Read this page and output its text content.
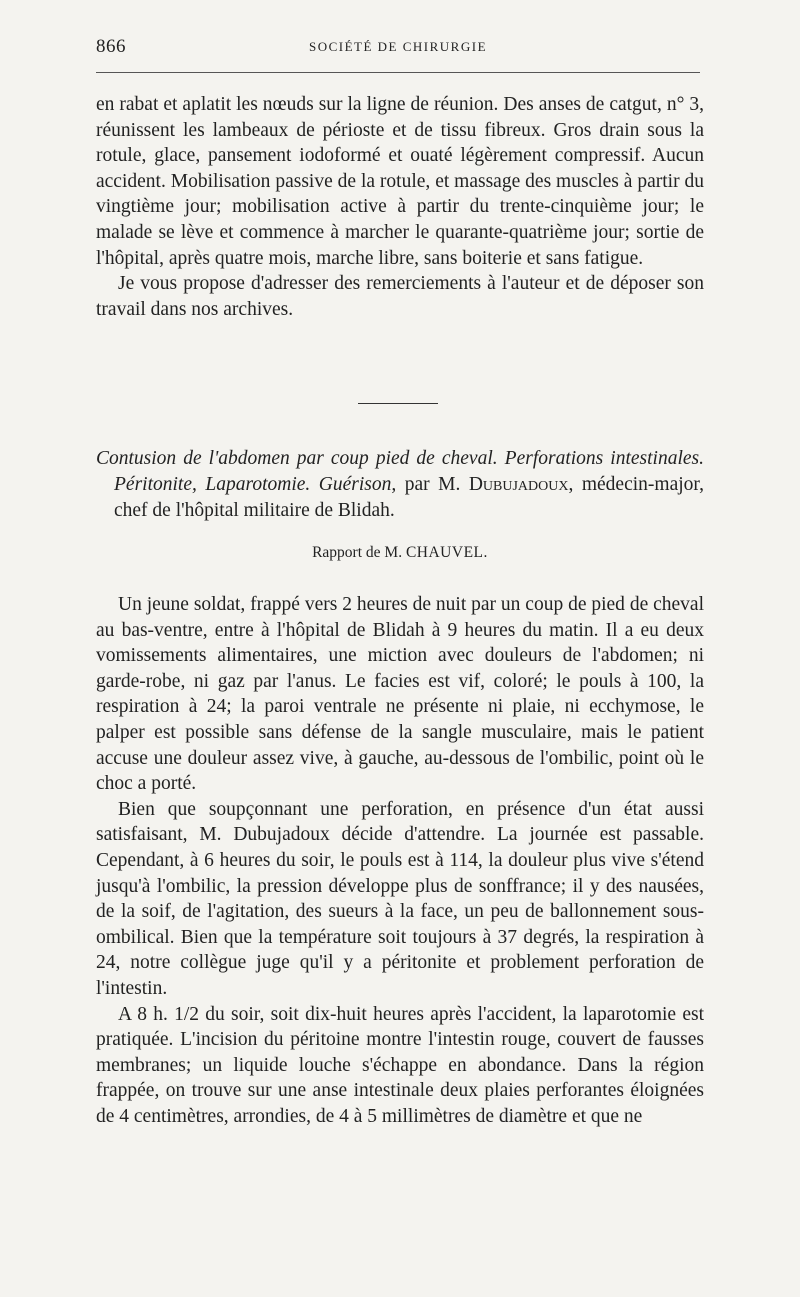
866	SOCIÉTÉ DE CHIRURGIE

en rabat et aplatit les nœuds sur la ligne de réunion. Des anses de catgut, n° 3, réunissent les lambeaux de périoste et de tissu fibreux. Gros drain sous la rotule, glace, pansement iodoformé et ouaté légèrement compressif. Aucun accident. Mobilisation passive de la rotule, et massage des muscles à partir du vingtième jour; mobilisation active à partir du trente-cinquième jour; le malade se lève et commence à marcher le quarante-quatrième jour; sortie de l'hôpital, après quatre mois, marche libre, sans boiterie et sans fatigue.

Je vous propose d'adresser des remerciements à l'auteur et de déposer son travail dans nos archives.

Contusion de l'abdomen par coup pied de cheval. Perforations intestinales. Péritonite, Laparotomie. Guérison, par M. Dubujadoux, médecin-major, chef de l'hôpital militaire de Blidah.

Rapport de M. CHAUVEL.

Un jeune soldat, frappé vers 2 heures de nuit par un coup de pied de cheval au bas-ventre, entre à l'hôpital de Blidah à 9 heures du matin. Il a eu deux vomissements alimentaires, une miction avec douleurs de l'abdomen; ni garde-robe, ni gaz par l'anus. Le facies est vif, coloré; le pouls à 100, la respiration à 24; la paroi ventrale ne présente ni plaie, ni ecchymose, le palper est possible sans défense de la sangle musculaire, mais le patient accuse une douleur assez vive, à gauche, au-dessous de l'ombilic, point où le choc a porté.

Bien que soupçonnant une perforation, en présence d'un état aussi satisfaisant, M. Dubujadoux décide d'attendre. La journée est passable. Cependant, à 6 heures du soir, le pouls est à 114, la douleur plus vive s'étend jusqu'à l'ombilic, la pression développe plus de sonffrance; il y des nausées, de la soif, de l'agitation, des sueurs à la face, un peu de ballonnement sous-ombilical. Bien que la température soit toujours à 37 degrés, la respiration à 24, notre collègue juge qu'il y a péritonite et problement perforation de l'intestin.

A 8 h. 1/2 du soir, soit dix-huit heures après l'accident, la laparotomie est pratiquée. L'incision du péritoine montre l'intestin rouge, couvert de fausses membranes; un liquide louche s'échappe en abondance. Dans la région frappée, on trouve sur une anse intestinale deux plaies perforantes éloignées de 4 centimètres, arrondies, de 4 à 5 millimètres de diamètre et que ne
